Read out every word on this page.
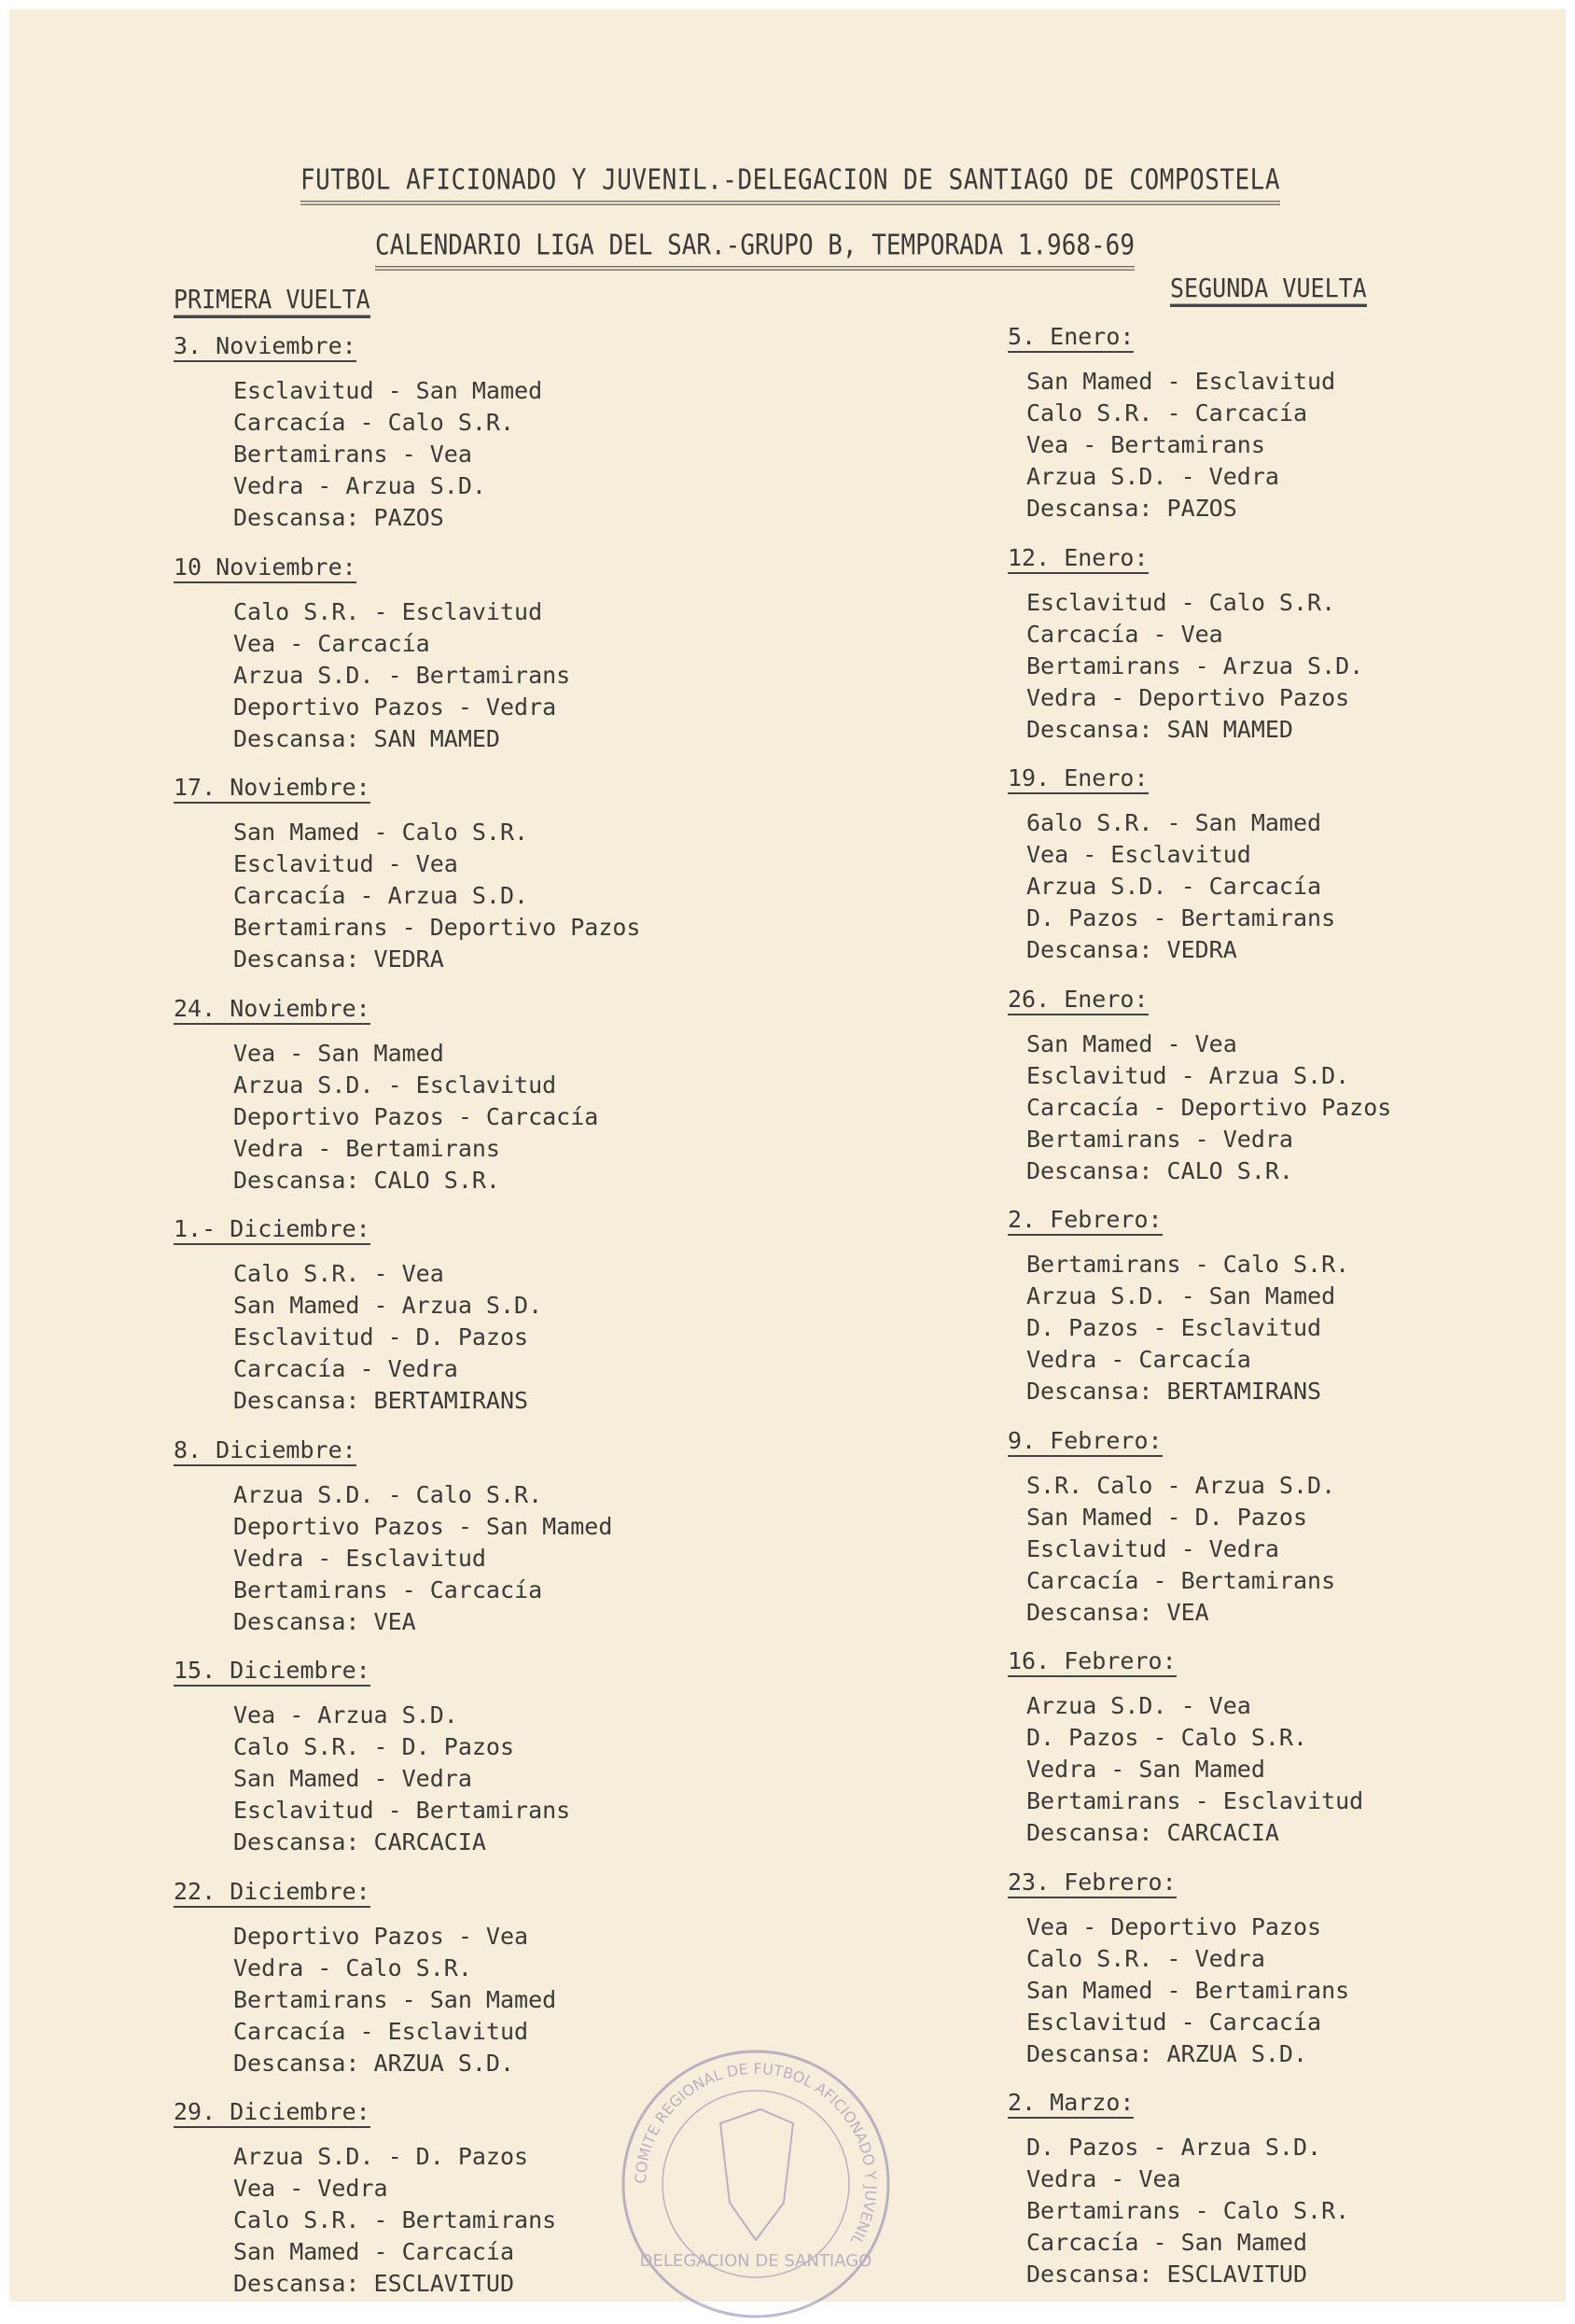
FUTBOL AFICIONADO Y JUVENIL.-DELEGACION DE SANTIAGO DE COMPOSTELA
CALENDARIO LIGA DEL SAR.-GRUPO B, TEMPORADA 1.968-69
PRIMERA VUELTA	SEGUNDA VUELTA
3. Noviembre:
Esclavitud - San Mamed
Carcacía - Calo S.R.
Bertamirans - Vea
Vedra - Arzua S.D.
Descansa: PAZOS
10 Noviembre:
Calo S.R. - Esclavitud
Vea - Carcacía
Arzua S.D. - Bertamirans
Deportivo Pazos - Vedra
Descansa: SAN MAMED
17. Noviembre:
San Mamed - Calo S.R.
Esclavitud - Vea
Carcacía - Arzua S.D.
Bertamirans - Deportivo Pazos
Descansa: VEDRA
24. Noviembre:
Vea - San Mamed
Arzua S.D. - Esclavitud
Deportivo Pazos - Carcacía
Vedra - Bertamirans
Descansa: CALO S.R.
1.- Diciembre:
Calo S.R. - Vea
San Mamed - Arzua S.D.
Esclavitud - D. Pazos
Carcacía - Vedra
Descansa: BERTAMIRANS
8. Diciembre:
Arzua S.D. - Calo S.R.
Deportivo Pazos - San Mamed
Vedra - Esclavitud
Bertamirans - Carcacía
Descansa: VEA
15. Diciembre:
Vea - Arzua S.D.
Calo S.R. - D. Pazos
San Mamed - Vedra
Esclavitud - Bertamirans
Descansa: CARCACIA
22. Diciembre:
Deportivo Pazos - Vea
Vedra - Calo S.R.
Bertamirans - San Mamed
Carcacía - Esclavitud
Descansa: ARZUA S.D.
29. Diciembre:
Arzua S.D. - D. Pazos
Vea - Vedra
Calo S.R. - Bertamirans
San Mamed - Carcacía
Descansa: ESCLAVITUD
5. Enero:
San Mamed - Esclavitud
Calo S.R. - Carcacía
Vea - Bertamirans
Arzua S.D. - Vedra
Descansa: PAZOS
12. Enero:
Esclavitud - Calo S.R.
Carcacía - Vea
Bertamirans - Arzua S.D.
Vedra - Deportivo Pazos
Descansa: SAN MAMED
19. Enero:
6alo S.R. - San Mamed
Vea - Esclavitud
Arzua S.D. - Carcacía
D. Pazos - Bertamirans
Descansa: VEDRA
26. Enero:
San Mamed - Vea
Esclavitud - Arzua S.D.
Carcacía - Deportivo Pazos
Bertamirans - Vedra
Descansa: CALO S.R.
2. Febrero:
Bertamirans - Calo S.R.
Arzua S.D. - San Mamed
D. Pazos - Esclavitud
Vedra - Carcacía
Descansa: BERTAMIRANS
9. Febrero:
S.R. Calo - Arzua S.D.
San Mamed - D. Pazos
Esclavitud - Vedra
Carcacía - Bertamirans
Descansa: VEA
16. Febrero:
Arzua S.D. - Vea
D. Pazos - Calo S.R.
Vedra - San Mamed
Bertamirans - Esclavitud
Descansa: CARCACIA
23. Febrero:
Vea - Deportivo Pazos
Calo S.R. - Vedra
San Mamed - Bertamirans
Esclavitud - Carcacía
Descansa: ARZUA S.D.
2. Marzo:
D. Pazos - Arzua S.D.
Vedra - Vea
Bertamirans - Calo S.R.
Carcacía - San Mamed
Descansa: ESCLAVITUD
COMITE REGIONAL DE FUTBOL AFICIONADO Y JUVENIL
DELEGACION DE SANTIAGO
